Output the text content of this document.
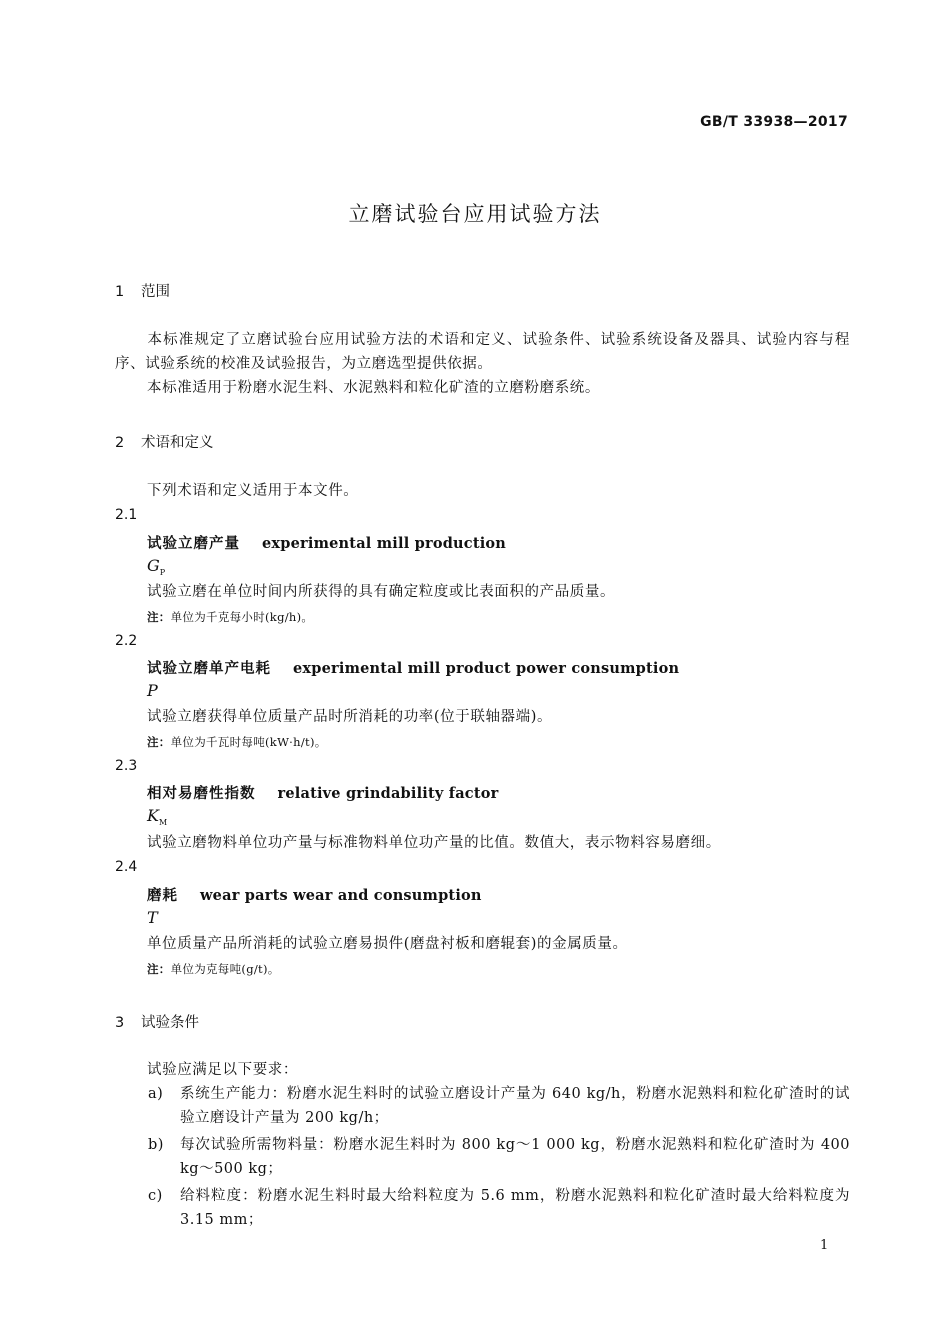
GB/T 33938—2017
立磨试验台应用试验方法
1 范围
本标准规定了立磨试验台应用试验方法的术语和定义、试验条件、试验系统设备及器具、试验内容与程序、试验系统的校准及试验报告，为立磨选型提供依据。
本标准适用于粉磨水泥生料、水泥熟料和粒化矿渣的立磨粉磨系统。
2 术语和定义
下列术语和定义适用于本文件。
2.1
试验立磨产量 experimental mill production
$G_P$
试验立磨在单位时间内所获得的具有确定粒度或比表面积的产品质量。
注：单位为千克每小时(kg/h)。
2.2
试验立磨单产电耗 experimental mill product power consumption
P
试验立磨获得单位质量产品时所消耗的功率(位于联轴器端)。
注：单位为千瓦时每吨(kW·h/t)。
2.3
相对易磨性指数 relative grindability factor
$K_M$
试验立磨物料单位功产量与标准物料单位功产量的比值。数值大，表示物料容易磨细。
2.4
磨耗 wear parts wear and consumption
T
单位质量产品所消耗的试验立磨易损件(磨盘衬板和磨辊套)的金属质量。
注：单位为克每吨(g/t)。
3 试验条件
试验应满足以下要求：
a) 系统生产能力：粉磨水泥生料时的试验立磨设计产量为 640 kg/h，粉磨水泥熟料和粒化矿渣时的试验立磨设计产量为 200 kg/h；
b) 每次试验所需物料量：粉磨水泥生料时为 800 kg～1 000 kg，粉磨水泥熟料和粒化矿渣时为 400 kg～500 kg；
c) 给料粒度：粉磨水泥生料时最大给料粒度为 5.6 mm，粉磨水泥熟料和粒化矿渣时最大给料粒度为 3.15 mm；
1
